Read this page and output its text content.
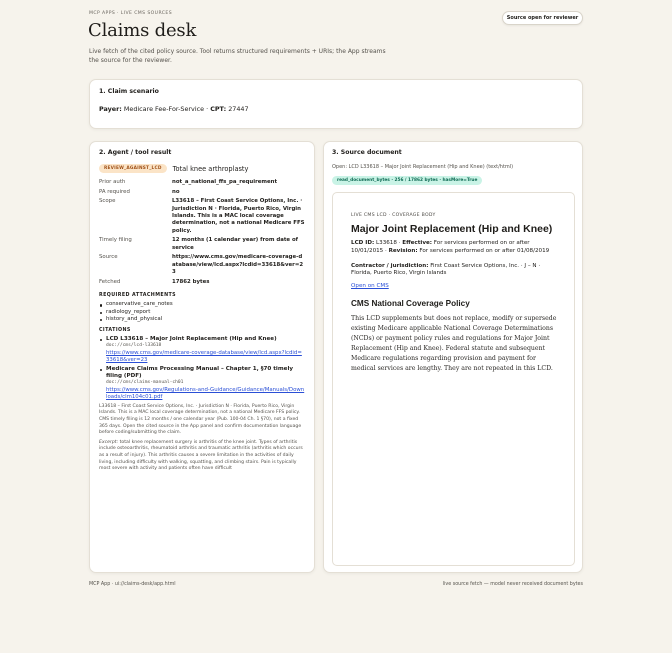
MCP APPS · LIVE CMS SOURCES
Source open for reviewer
Claims desk
Live fetch of the cited policy source. Tool returns structured requirements + URIs; the App streams the source for the reviewer.
1. Claim scenario
Payer: Medicare Fee-For-Service · CPT: 27447
2. Agent / tool result
REVIEW_AGAINST_LCD	Total knee arthroplasty
Prior auth	not_a_national_ffs_pa_requirement
PA required	no
Scope	L33618 – First Coast Service Options, Inc. · Jurisdiction N · Florida, Puerto Rico, Virgin Islands. This is a MAC local coverage determination, not a national Medicare FFS policy.
Timely filing	12 months (1 calendar year) from date of service
Source	https://www.cms.gov/medicare-coverage-database/view/lcd.aspx?lcdid=33618&ver=23
Fetched	17862 bytes
REQUIRED ATTACHMENTS
conservative_care_notes
radiology_report
history_and_physical
CITATIONS
LCD L33618 – Major Joint Replacement (Hip and Knee)
doc://cms/lcd-l33618
https://www.cms.gov/medicare-coverage-database/view/lcd.aspx?lcdid=33618&ver=23
Medicare Claims Processing Manual – Chapter 1, §70 timely filing (PDF)
doc://cms/claims-manual-ch01
https://www.cms.gov/Regulations-and-Guidance/Guidance/Manuals/Downloads/clm104c01.pdf
L33618 – First Coast Service Options, Inc. · Jurisdiction N · Florida, Puerto Rico, Virgin Islands. This is a MAC local coverage determination, not a national Medicare FFS policy. CMS timely filing is 12 months / one calendar year (Pub. 100-04 Ch. 1 §70), not a fixed 365 days. Open the cited source in the App panel and confirm documentation language before coding/submitting the claim.
Excerpt: total knee replacement surgery is arthritis of the knee joint. Types of arthritis include osteoarthritis, rheumatoid arthritis and traumatic arthritis (arthritis which occurs as a result of injury). This arthritis causes a severe limitation in the activities of daily living, including difficulty with walking, squatting, and climbing stairs. Pain is typically most severe with activity and patients often have difficult
3. Source document
Open: LCD L33618 – Major Joint Replacement (Hip and Knee) (text/html)
read_document_bytes · 256 / 17862 bytes · hasMore=True
LIVE CMS LCD · COVERAGE BODY
Major Joint Replacement (Hip and Knee)
LCD ID: L33618 · Effective: For services performed on or after 10/01/2015 · Revision: For services performed on or after 01/08/2019
Contractor / jurisdiction: First Coast Service Options, Inc. · J – N · Florida, Puerto Rico, Virgin Islands
Open on CMS
CMS National Coverage Policy
This LCD supplements but does not replace, modify or supersede existing Medicare applicable National Coverage Determinations (NCDs) or payment policy rules and regulations for Major Joint Replacement (Hip and Knee). Federal statute and subsequent Medicare regulations regarding provision and payment for medical services are lengthy. They are not repeated in this LCD.
MCP App · ui://claims-desk/app.html	live source fetch — model never received document bytes
